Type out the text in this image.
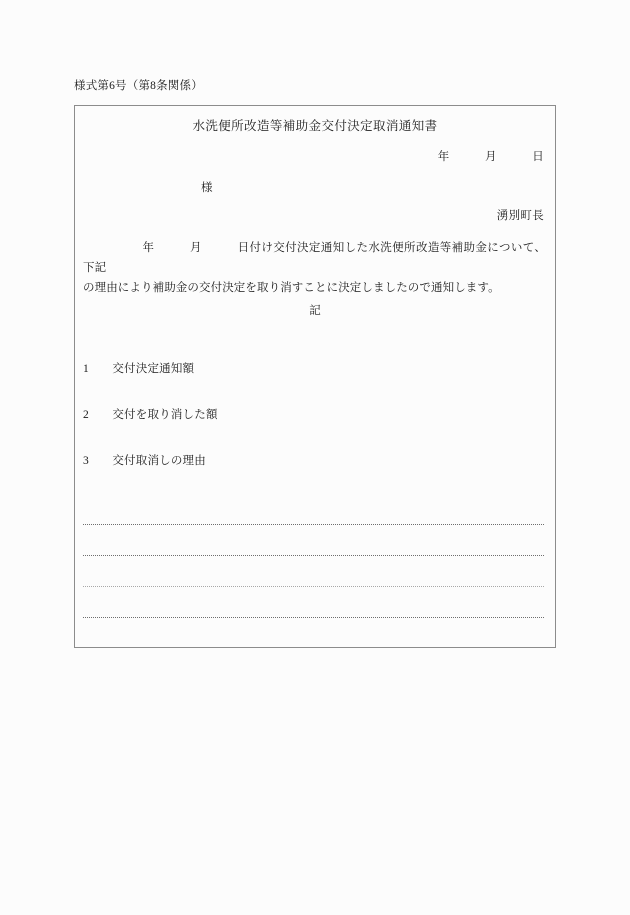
様式第6号（第8条関係）
水洗便所改造等補助金交付決定取消通知書
年　　　月　　　日
様
湧別町長

　　　　　年　　　月　　　日付け交付決定通知した水洗便所改造等補助金について、下記

の理由により補助金の交付決定を取り消すことに決定しましたので通知します。

記
1　　交付決定通知額
2　　交付を取り消した額
3　　交付取消しの理由
